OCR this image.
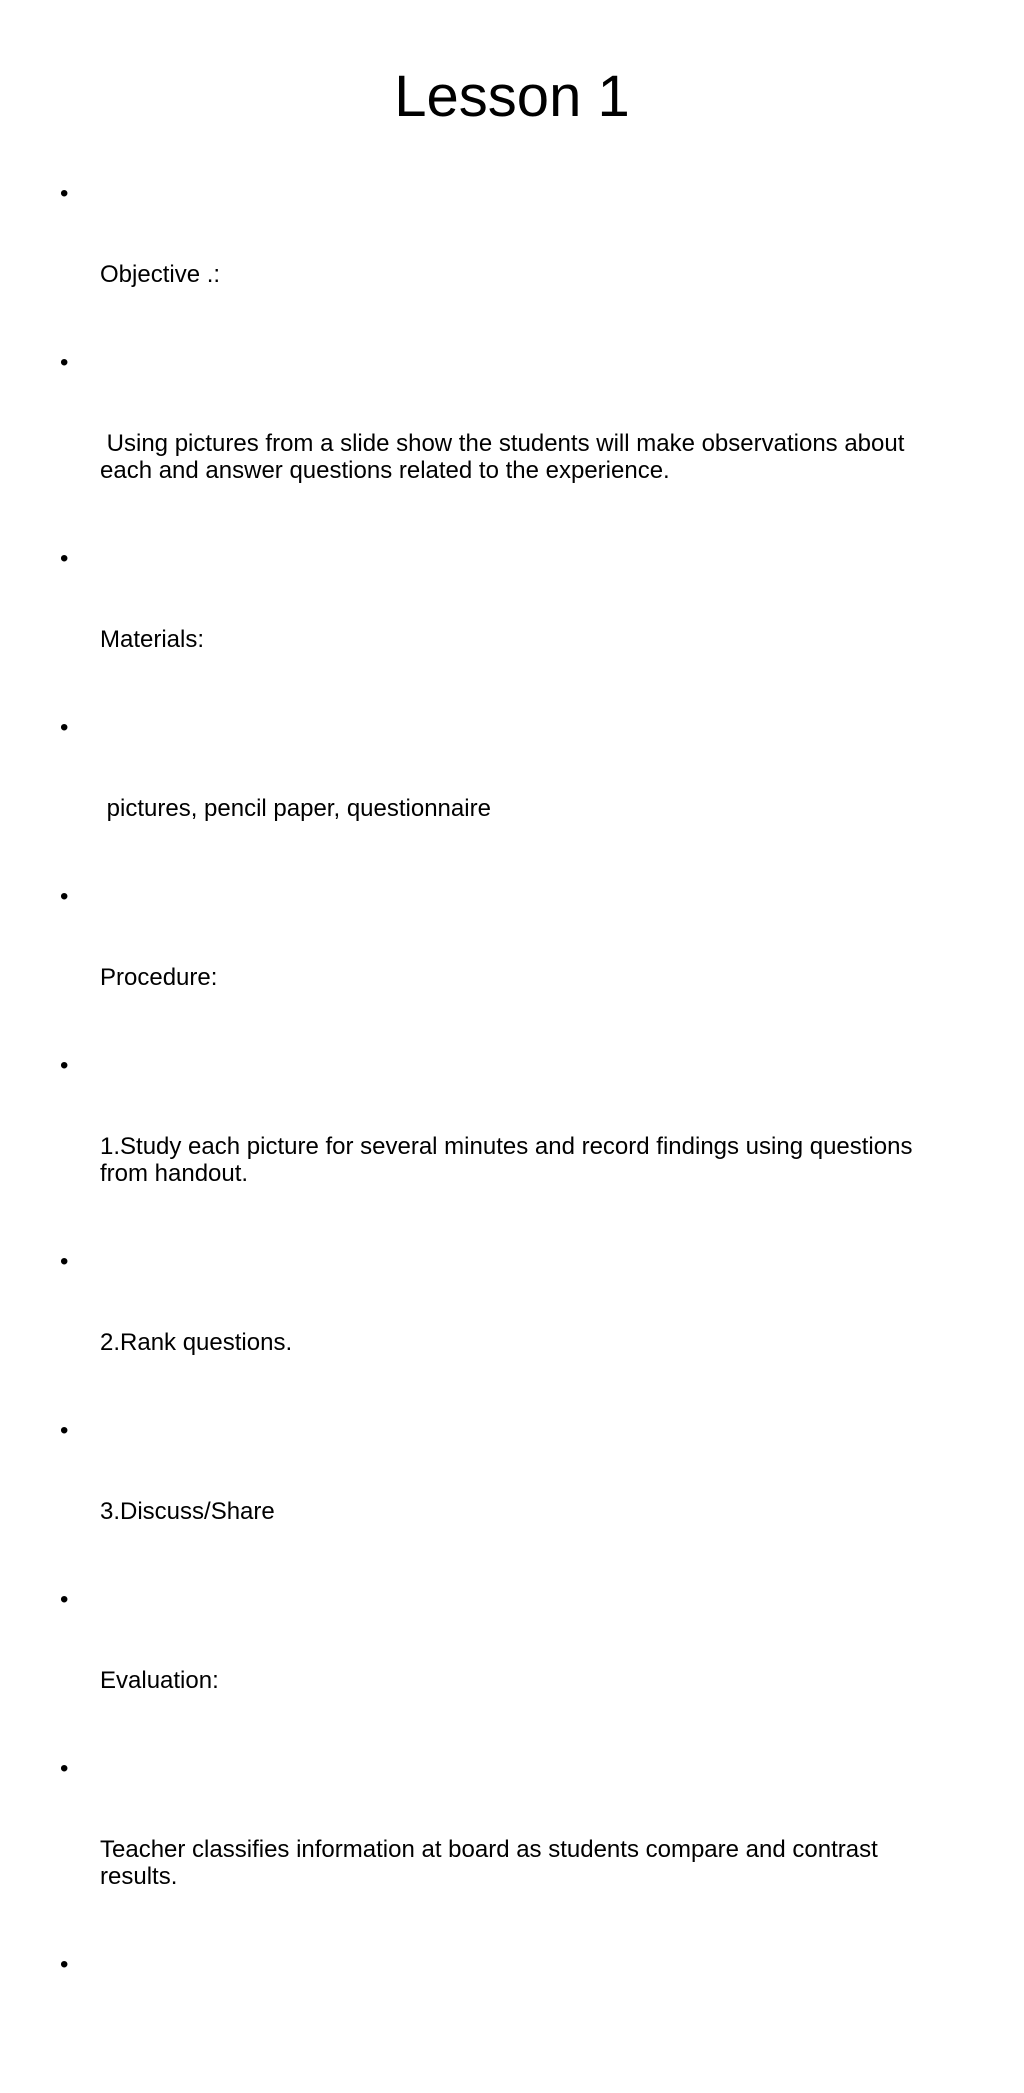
Lesson 1

•

Objective .:

•

Using pictures from a slide show the students will make observations about  each and answer questions related to the experience.

•

Materials:

•

pictures, pencil paper, questionnaire

•

Procedure:

•

1.Study each picture for several minutes and record findings using questions from handout.

•

2.Rank questions.

•

3.Discuss/Share

•

Evaluation:

•

Teacher classifies information at board as students compare and contrast results.

•
